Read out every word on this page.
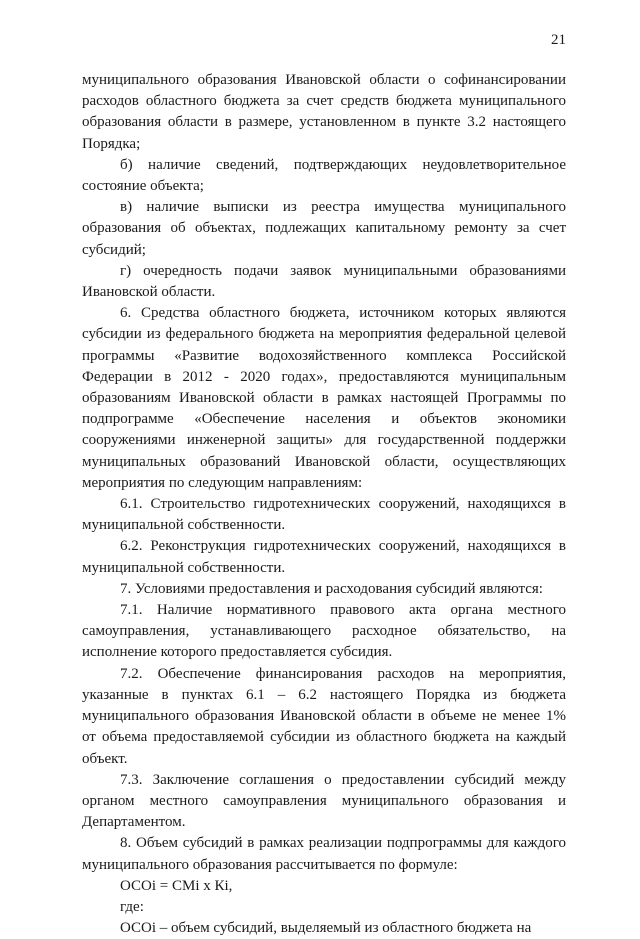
21

муниципального образования Ивановской области о софинансировании расходов областного бюджета за счет средств бюджета муниципального образования области в размере, установленном в пункте 3.2 настоящего Порядка;

б) наличие сведений, подтверждающих неудовлетворительное состояние объекта;

в) наличие выписки из реестра имущества муниципального образования об объектах, подлежащих капитальному ремонту за счет субсидий;

г) очередность подачи заявок муниципальными образованиями Ивановской области.

6. Средства областного бюджета, источником которых являются субсидии из федерального бюджета на мероприятия федеральной целевой программы «Развитие водохозяйственного комплекса Российской Федерации в 2012 - 2020 годах», предоставляются муниципальным образованиям Ивановской области в рамках настоящей Программы по подпрограмме «Обеспечение населения и объектов экономики сооружениями инженерной защиты» для государственной поддержки муниципальных образований Ивановской области, осуществляющих мероприятия по следующим направлениям:

6.1. Строительство гидротехнических сооружений, находящихся в муниципальной собственности.

6.2. Реконструкция гидротехнических сооружений, находящихся в муниципальной собственности.

7. Условиями предоставления и расходования субсидий являются:

7.1. Наличие нормативного правового акта органа местного самоуправления, устанавливающего расходное обязательство, на исполнение которого предоставляется субсидия.

7.2. Обеспечение финансирования расходов на мероприятия, указанные в пунктах 6.1 – 6.2 настоящего Порядка из бюджета муниципального образования Ивановской области в объеме не менее 1% от объема предоставляемой субсидии из областного бюджета на каждый объект.

7.3. Заключение соглашения о предоставлении субсидий между органом местного самоуправления муниципального образования и Департаментом.

8. Объем субсидий в рамках реализации подпрограммы для каждого муниципального образования рассчитывается по формуле:

ОСОi = СМi x Кi,

где:

ОСОi – объем субсидий, выделяемый из областного бюджета на
